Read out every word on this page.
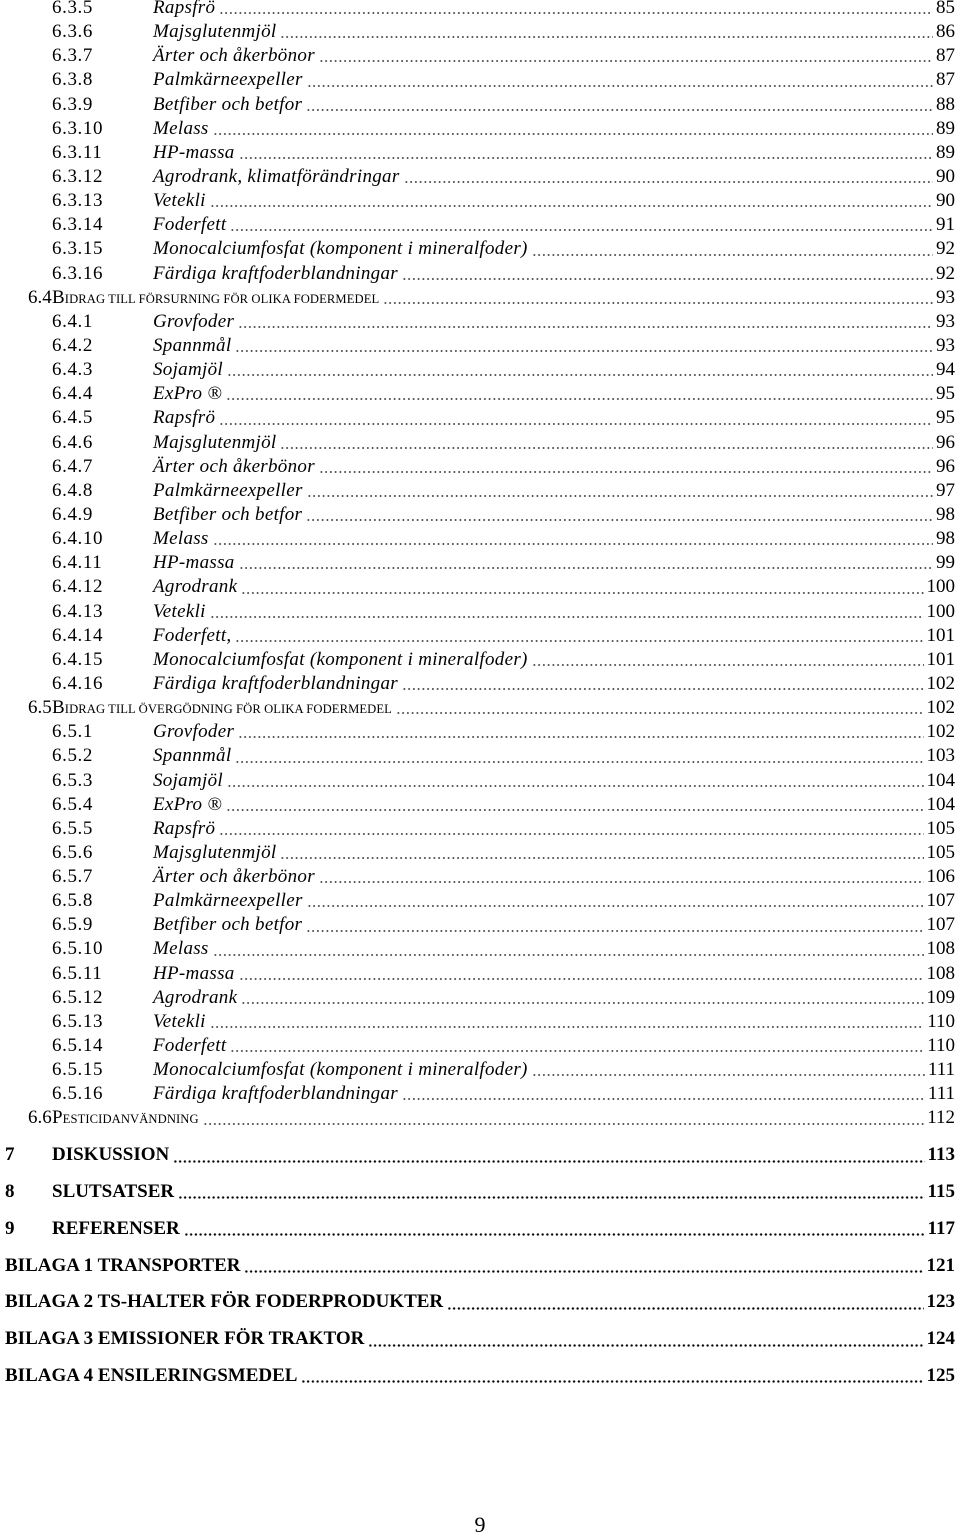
6.3.5	Rapsfrö	85
6.3.6	Majsglutenmjöl	86
6.3.7	Ärter och åkerbönor	87
6.3.8	Palmkärneexpeller	87
6.3.9	Betfiber och betfor	88
6.3.10	Melass	89
6.3.11	HP-massa	89
6.3.12	Agrodrank, klimatförändringar	90
6.3.13	Vetekli	90
6.3.14	Foderfett	91
6.3.15	Monocalciumfosfat (komponent i mineralfoder)	92
6.3.16	Färdiga kraftfoderblandningar	92
6.4 BIDRAG TILL FÖRSURNING FÖR OLIKA FODERMEDEL	93
6.4.1	Grovfoder	93
6.4.2	Spannmål	93
6.4.3	Sojamjöl	94
6.4.4	ExPro ®	95
6.4.5	Rapsfrö	95
6.4.6	Majsglutenmjöl	96
6.4.7	Ärter och åkerbönor	96
6.4.8	Palmkärneexpeller	97
6.4.9	Betfiber och betfor	98
6.4.10	Melass	98
6.4.11	HP-massa	99
6.4.12	Agrodrank	100
6.4.13	Vetekli	100
6.4.14	Foderfett,	101
6.4.15	Monocalciumfosfat (komponent i mineralfoder)	101
6.4.16	Färdiga kraftfoderblandningar	102
6.5 BIDRAG TILL ÖVERGÖDNING FÖR OLIKA FODERMEDEL	102
6.5.1	Grovfoder	102
6.5.2	Spannmål	103
6.5.3	Sojamjöl	104
6.5.4	ExPro ®	104
6.5.5	Rapsfrö	105
6.5.6	Majsglutenmjöl	105
6.5.7	Ärter och åkerbönor	106
6.5.8	Palmkärneexpeller	107
6.5.9	Betfiber och betfor	107
6.5.10	Melass	108
6.5.11	HP-massa	108
6.5.12	Agrodrank	109
6.5.13	Vetekli	110
6.5.14	Foderfett	110
6.5.15	Monocalciumfosfat (komponent i mineralfoder)	111
6.5.16	Färdiga kraftfoderblandningar	111
6.6 PESTICIDANVÄNDNING	112
7	DISKUSSION	113
8	SLUTSATSER	115
9	REFERENSER	117
BILAGA 1 TRANSPORTER	121
BILAGA 2 TS-HALTER FÖR FODERPRODUKTER	123
BILAGA 3 EMISSIONER FÖR TRAKTOR	124
BILAGA 4 ENSILERINGSMEDEL	125
9
